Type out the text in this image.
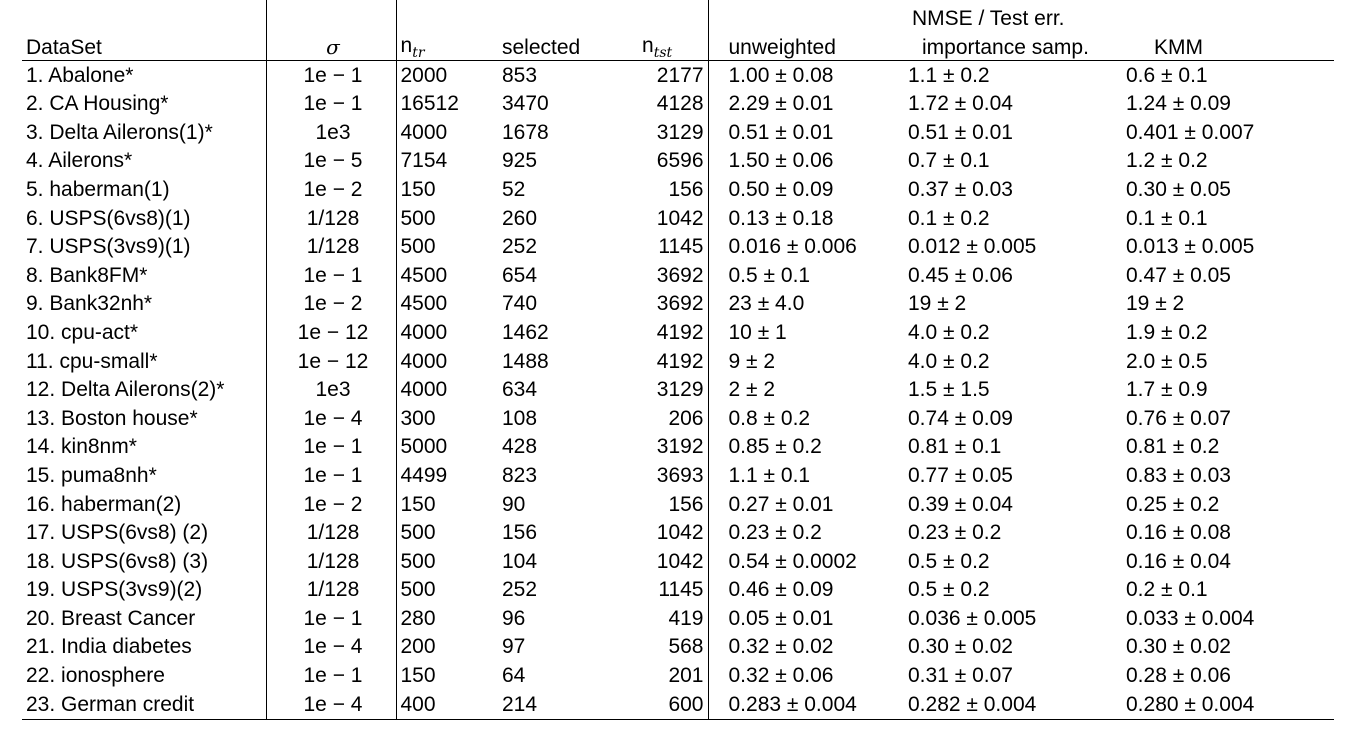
						NMSE / Test err.	
DataSet	σ	$n_{tr}$	selected	$n_{tst}$	unweighted	importance samp.	KMM
1. Abalone*	1e − 1	2000	853	2177	1.00 ± 0.08	1.1 ± 0.2	0.6 ± 0.1
2. CA Housing*	1e − 1	16512	3470	4128	2.29 ± 0.01	1.72 ± 0.04	1.24 ± 0.09
3. Delta Ailerons(1)*	1e3	4000	1678	3129	0.51 ± 0.01	0.51 ± 0.01	0.401 ± 0.007
4. Ailerons*	1e − 5	7154	925	6596	1.50 ± 0.06	0.7 ± 0.1	1.2 ± 0.2
5. haberman(1)	1e − 2	150	52	156	0.50 ± 0.09	0.37 ± 0.03	0.30 ± 0.05
6. USPS(6vs8)(1)	1/128	500	260	1042	0.13 ± 0.18	0.1 ± 0.2	0.1 ± 0.1
7. USPS(3vs9)(1)	1/128	500	252	1145	0.016 ± 0.006	0.012 ± 0.005	0.013 ± 0.005
8. Bank8FM*	1e − 1	4500	654	3692	0.5 ± 0.1	0.45 ± 0.06	0.47 ± 0.05
9. Bank32nh*	1e − 2	4500	740	3692	23 ± 4.0	19 ± 2	19 ± 2
10. cpu-act*	1e − 12	4000	1462	4192	10 ± 1	4.0 ± 0.2	1.9 ± 0.2
11. cpu-small*	1e − 12	4000	1488	4192	9 ± 2	4.0 ± 0.2	2.0 ± 0.5
12. Delta Ailerons(2)*	1e3	4000	634	3129	2 ± 2	1.5 ± 1.5	1.7 ± 0.9
13. Boston house*	1e − 4	300	108	206	0.8 ± 0.2	0.74 ± 0.09	0.76 ± 0.07
14. kin8nm*	1e − 1	5000	428	3192	0.85 ± 0.2	0.81 ± 0.1	0.81 ± 0.2
15. puma8nh*	1e − 1	4499	823	3693	1.1 ± 0.1	0.77 ± 0.05	0.83 ± 0.03
16. haberman(2)	1e − 2	150	90	156	0.27 ± 0.01	0.39 ± 0.04	0.25 ± 0.2
17. USPS(6vs8) (2)	1/128	500	156	1042	0.23 ± 0.2	0.23 ± 0.2	0.16 ± 0.08
18. USPS(6vs8) (3)	1/128	500	104	1042	0.54 ± 0.0002	0.5 ± 0.2	0.16 ± 0.04
19. USPS(3vs9)(2)	1/128	500	252	1145	0.46 ± 0.09	0.5 ± 0.2	0.2 ± 0.1
20. Breast Cancer	1e − 1	280	96	419	0.05 ± 0.01	0.036 ± 0.005	0.033 ± 0.004
21. India diabetes	1e − 4	200	97	568	0.32 ± 0.02	0.30 ± 0.02	0.30 ± 0.02
22. ionosphere	1e − 1	150	64	201	0.32 ± 0.06	0.31 ± 0.07	0.28 ± 0.06
23. German credit	1e − 4	400	214	600	0.283 ± 0.004	0.282 ± 0.004	0.280 ± 0.004
